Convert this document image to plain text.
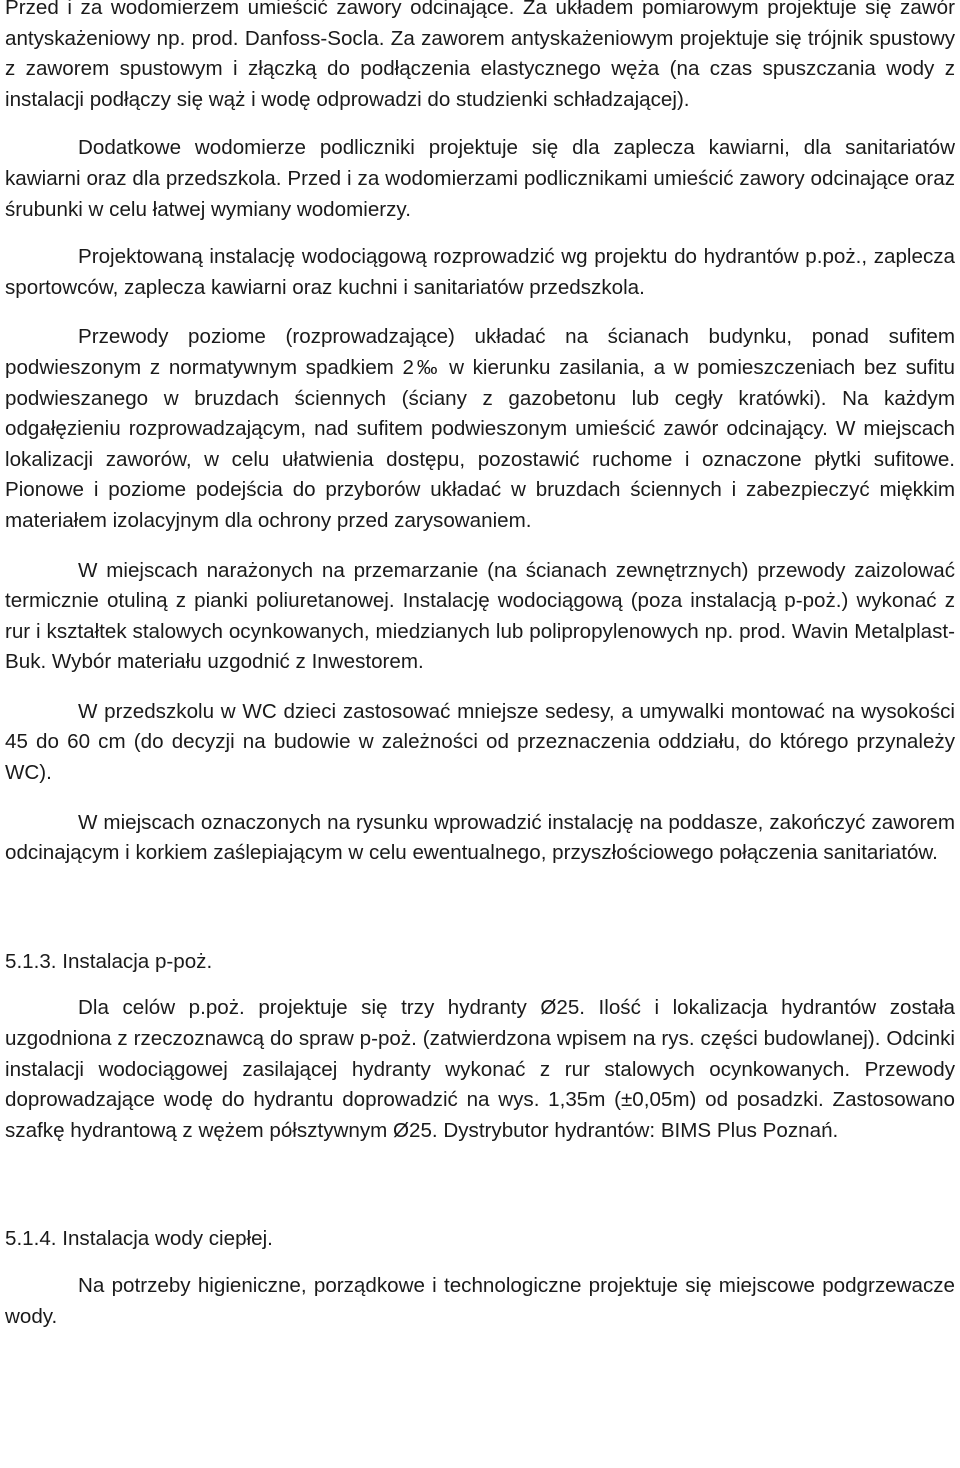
Przed i za wodomierzem umieścić zawory odcinające. Za układem pomiarowym projektuje się zawór antyskażeniowy np. prod. Danfoss-Socla. Za zaworem antyskażeniowym projektuje się trójnik spustowy z zaworem spustowym i złączką do podłączenia elastycznego węża (na czas spuszczania wody z instalacji podłączy się wąż i wodę odprowadzi do studzienki schładzającej).

Dodatkowe wodomierze podliczniki projektuje się dla zaplecza kawiarni, dla sanitariatów kawiarni oraz dla przedszkola. Przed i za wodomierzami podlicznikami umieścić zawory odcinające oraz śrubunki w celu łatwej wymiany wodomierzy.

Projektowaną instalację wodociągową rozprowadzić wg projektu do hydrantów p.poż., zaplecza sportowców, zaplecza kawiarni oraz kuchni i sanitariatów przedszkola.

Przewody poziome (rozprowadzające) układać na ścianach budynku, ponad sufitem podwieszonym z normatywnym spadkiem 2‰ w kierunku zasilania, a w pomieszczeniach bez sufitu podwieszanego w bruzdach ściennych (ściany z gazobetonu lub cegły kratówki). Na każdym odgałęzieniu rozprowadzającym, nad sufitem podwieszonym umieścić zawór odcinający. W miejscach lokalizacji zaworów, w celu ułatwienia dostępu, pozostawić ruchome i oznaczone płytki sufitowe. Pionowe i poziome podejścia do przyborów układać w bruzdach ściennych i zabezpieczyć miękkim materiałem izolacyjnym dla ochrony przed zarysowaniem.

W miejscach narażonych na przemarzanie (na ścianach zewnętrznych) przewody zaizolować termicznie otuliną z pianki poliuretanowej. Instalację wodociągową (poza instalacją p-poż.) wykonać z rur i kształtek stalowych ocynkowanych, miedzianych lub polipropylenowych np. prod. Wavin Metalplast-Buk. Wybór materiału uzgodnić z Inwestorem.

W przedszkolu w WC dzieci zastosować mniejsze sedesy, a umywalki montować na wysokości 45 do 60 cm (do decyzji na budowie w zależności od przeznaczenia oddziału, do którego przynależy WC).

W miejscach oznaczonych na rysunku wprowadzić instalację na poddasze, zakończyć zaworem odcinającym i korkiem zaślepiającym w celu ewentualnego, przyszłościowego połączenia sanitariatów.

5.1.3. Instalacja p-poż.

Dla celów p.poż. projektuje się trzy hydranty Ø25. Ilość i lokalizacja hydrantów została uzgodniona z rzeczoznawcą do spraw p-poż. (zatwierdzona wpisem na rys. części budowlanej). Odcinki instalacji wodociągowej zasilającej hydranty wykonać z rur stalowych ocynkowanych. Przewody doprowadzające wodę do hydrantu doprowadzić na wys. 1,35m (±0,05m) od posadzki. Zastosowano szafkę hydrantową z wężem półsztywnym Ø25. Dystrybutor hydrantów: BIMS Plus Poznań.

5.1.4. Instalacja wody ciepłej.

Na potrzeby higieniczne, porządkowe i technologiczne projektuje się miejscowe podgrzewacze wody.
